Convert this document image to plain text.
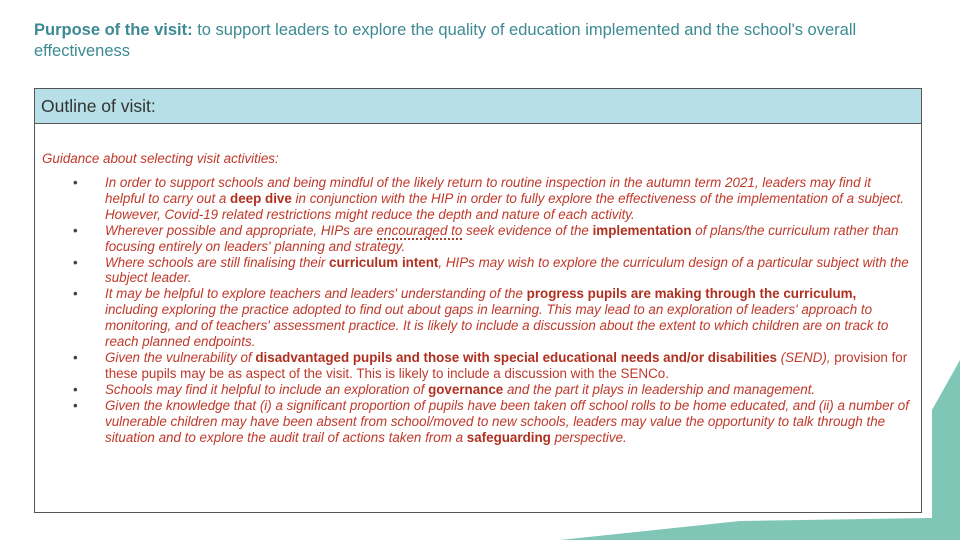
Purpose of the visit: to support leaders to explore the quality of education implemented and the school's overall effectiveness
Outline of visit:
Guidance about selecting visit activities:
• In order to support schools and being mindful of the likely return to routine inspection in the autumn term 2021, leaders may find it helpful to carry out a deep dive in conjunction with the HIP in order to fully explore the effectiveness of the implementation of a subject. However, Covid-19 related restrictions might reduce the depth and nature of each activity.
• Wherever possible and appropriate, HIPs are encouraged to seek evidence of the implementation of plans/the curriculum rather than focusing entirely on leaders' planning and strategy.
• Where schools are still finalising their curriculum intent, HIPs may wish to explore the curriculum design of a particular subject with the subject leader.
• It may be helpful to explore teachers and leaders' understanding of the progress pupils are making through the curriculum, including exploring the practice adopted to find out about gaps in learning. This may lead to an exploration of leaders' approach to monitoring, and of teachers' assessment practice. It is likely to include a discussion about the extent to which children are on track to reach planned endpoints.
• Given the vulnerability of disadvantaged pupils and those with special educational needs and/or disabilities (SEND), provision for these pupils may be as aspect of the visit. This is likely to include a discussion with the SENCo.
• Schools may find it helpful to include an exploration of governance and the part it plays in leadership and management.
• Given the knowledge that (i) a significant proportion of pupils have been taken off school rolls to be home educated, and (ii) a number of vulnerable children may have been absent from school/moved to new schools, leaders may value the opportunity to talk through the situation and to explore the audit trail of actions taken from a safeguarding perspective.
